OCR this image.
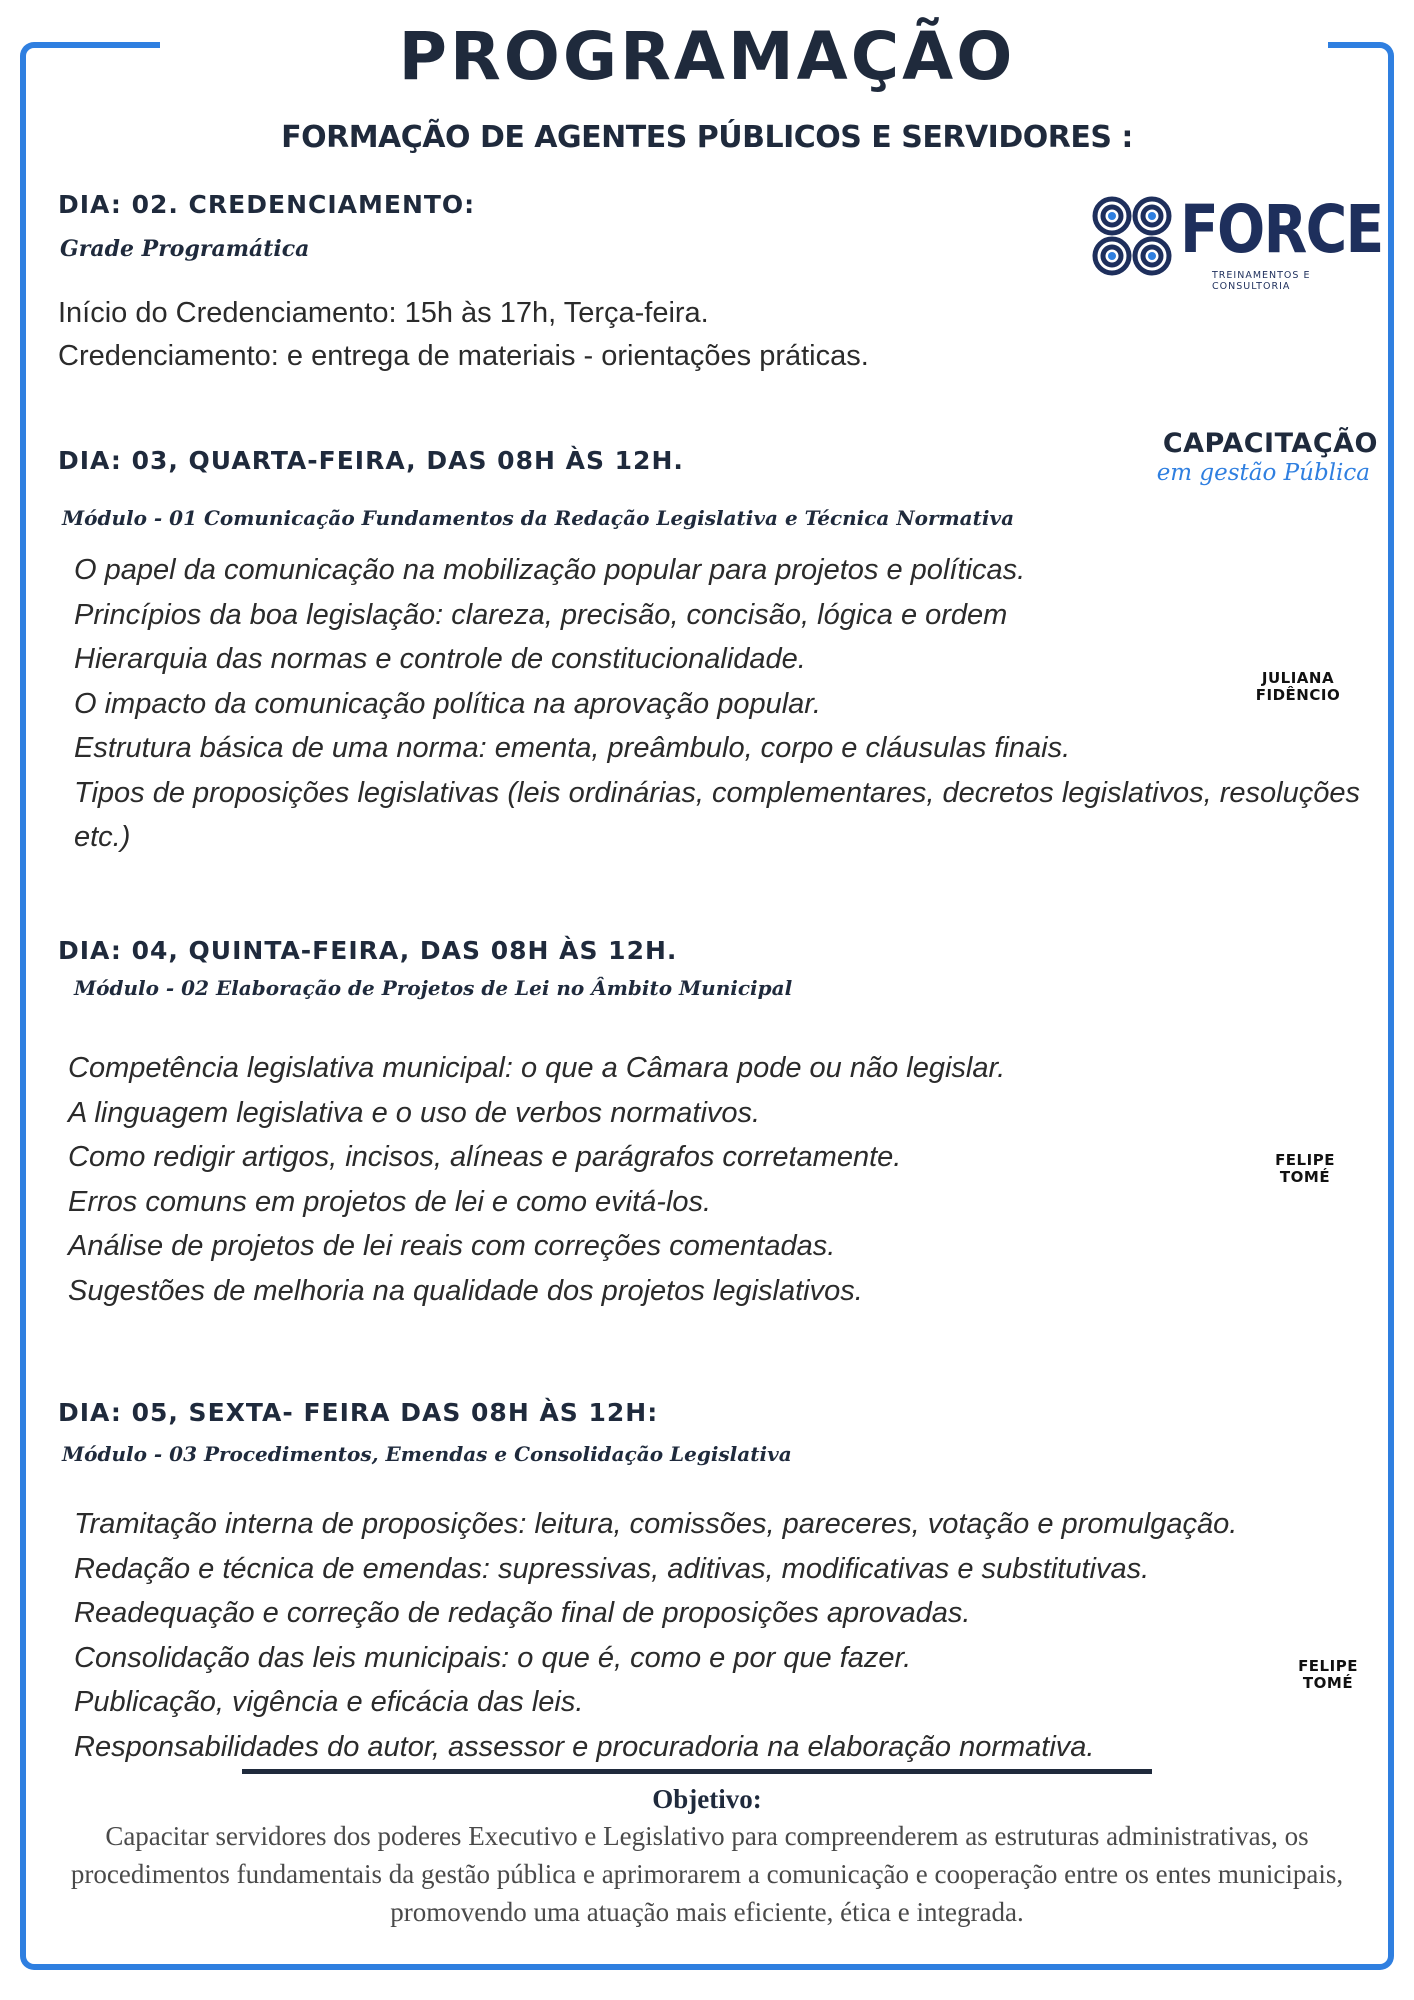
PROGRAMAÇÃO
FORMAÇÃO DE AGENTES PÚBLICOS E SERVIDORES :
FORCE
TREINAMENTOS E CONSULTORIA
CAPACITAÇÃO
em gestão Pública
DIA: 02. CREDENCIAMENTO:
Grade Programática
Início do Credenciamento: 15h às 17h, Terça-feira.
Credenciamento: e entrega de materiais - orientações práticas.
DIA: 03, QUARTA-FEIRA, DAS 08H ÀS 12H.
Módulo - 01 Comunicação Fundamentos da Redação Legislativa e Técnica Normativa
O papel da comunicação na mobilização popular para projetos e políticas.
Princípios da boa legislação: clareza, precisão, concisão, lógica e ordem
Hierarquia das normas e controle de constitucionalidade.
O impacto da comunicação política na aprovação popular.
Estrutura básica de uma norma: ementa, preâmbulo, corpo e cláusulas finais.
Tipos de proposições legislativas (leis ordinárias, complementares, decretos legislativos, resoluções etc.)
JULIANA
FIDÊNCIO
DIA: 04, QUINTA-FEIRA, DAS 08H ÀS 12H.
Módulo - 02 Elaboração de Projetos de Lei no Âmbito Municipal
Competência legislativa municipal: o que a Câmara pode ou não legislar.
A linguagem legislativa e o uso de verbos normativos.
Como redigir artigos, incisos, alíneas e parágrafos corretamente.
Erros comuns em projetos de lei e como evitá-los.
Análise de projetos de lei reais com correções comentadas.
Sugestões de melhoria na qualidade dos projetos legislativos.
FELIPE
TOMÉ
DIA: 05, SEXTA- FEIRA DAS 08H ÀS 12H:
Módulo - 03 Procedimentos, Emendas e Consolidação Legislativa
Tramitação interna de proposições: leitura, comissões, pareceres, votação e promulgação.
Redação e técnica de emendas: supressivas, aditivas, modificativas e substitutivas.
Readequação e correção de redação final de proposições aprovadas.
Consolidação das leis municipais: o que é, como e por que fazer.
Publicação, vigência e eficácia das leis.
Responsabilidades do autor, assessor e procuradoria na elaboração normativa.
FELIPE
TOMÉ
Objetivo:
Capacitar servidores dos poderes Executivo e Legislativo para compreenderem as estruturas administrativas, os procedimentos fundamentais da gestão pública e aprimorarem a comunicação e cooperação entre os entes municipais, promovendo uma atuação mais eficiente, ética e integrada.
